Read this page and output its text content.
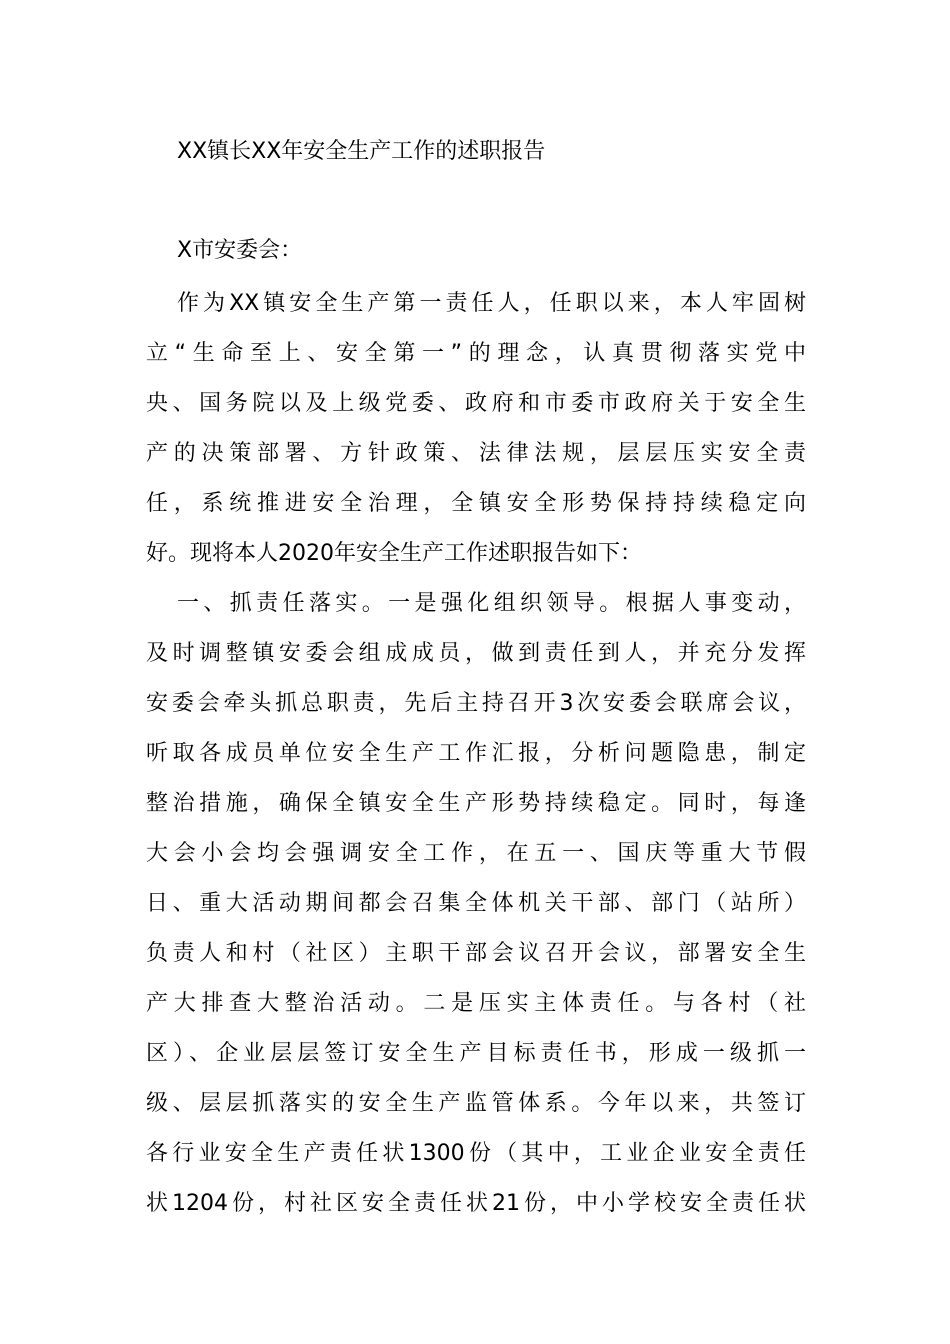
XX镇长XX年安全生产工作的述职报告

X市安委会：

作为XX镇安全生产第一责任人，任职以来，本人牢固树
立“生命至上、安全第一”的理念，认真贯彻落实党中
央、国务院以及上级党委、政府和市委市政府关于安全生
产的决策部署、方针政策、法律法规，层层压实安全责
任，系统推进安全治理，全镇安全形势保持持续稳定向
好。现将本人2020年安全生产工作述职报告如下：
一、抓责任落实。一是强化组织领导。根据人事变动，
及时调整镇安委会组成成员，做到责任到人，并充分发挥
安委会牵头抓总职责，先后主持召开3次安委会联席会议，
听取各成员单位安全生产工作汇报，分析问题隐患，制定
整治措施，确保全镇安全生产形势持续稳定。同时，每逢
大会小会均会强调安全工作，在五一、国庆等重大节假
日、重大活动期间都会召集全体机关干部、部门（站所）
负责人和村（社区）主职干部会议召开会议，部署安全生
产大排查大整治活动。二是压实主体责任。与各村（社
区）、企业层层签订安全生产目标责任书，形成一级抓一
级、层层抓落实的安全生产监管体系。今年以来，共签订
各行业安全生产责任状1300份（其中，工业企业安全责任
状1204份，村社区安全责任状21份，中小学校安全责任状
